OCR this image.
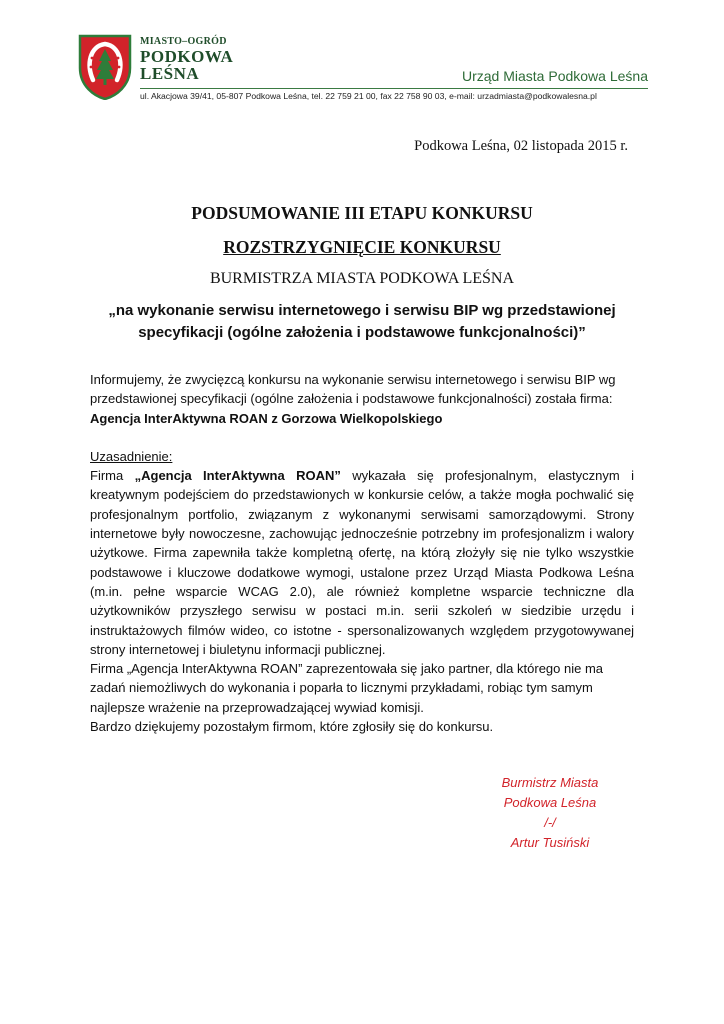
MIASTO–OGRÓD
PODKOWA
LEŚNA	Urząd Miasta Podkowa Leśna
ul. Akacjowa 39/41, 05-807 Podkowa Leśna, tel. 22 759 21 00, fax 22 758 90 03, e-mail: urzadmiasta@podkowalesna.pl
Podkowa Leśna, 02 listopada 2015 r.
PODSUMOWANIE III ETAPU KONKURSU
ROZSTRZYGNIĘCIE KONKURSU
BURMISTRZA MIASTA PODKOWA LEŚNA
„na wykonanie serwisu internetowego i serwisu BIP wg przedstawionej specyfikacji (ogólne założenia i podstawowe funkcjonalności)”

Informujemy, że zwycięzcą konkursu na wykonanie serwisu internetowego i serwisu BIP wg przedstawionej specyfikacji (ogólne założenia i podstawowe funkcjonalności) została firma:
Agencja InterAktywna ROAN z Gorzowa Wielkopolskiego

Uzasadnienie:

Firma „Agencja InterAktywna ROAN” wykazała się profesjonalnym, elastycznym i kreatywnym podejściem do przedstawionych w konkursie celów, a także mogła pochwalić się profesjonalnym portfolio, związanym z wykonanymi serwisami samorządowymi. Strony internetowe były nowoczesne, zachowując jednocześnie potrzebny im profesjonalizm i walory użytkowe. Firma zapewniła także kompletną ofertę, na którą złożyły się nie tylko wszystkie podstawowe i kluczowe dodatkowe wymogi, ustalone przez Urząd Miasta Podkowa Leśna (m.in. pełne wsparcie WCAG 2.0), ale również kompletne wsparcie techniczne dla użytkowników przyszłego serwisu w postaci m.in. serii szkoleń w siedzibie urzędu i instruktażowych filmów wideo, co istotne - spersonalizowanych względem przygotowywanej strony internetowej i biuletynu informacji publicznej.

Firma „Agencja InterAktywna ROAN” zaprezentowała się jako partner, dla którego nie ma zadań niemożliwych do wykonania i poparła to licznymi przykładami, robiąc tym samym najlepsze wrażenie na przeprowadzającej wywiad komisji.

Bardzo dziękujemy pozostałym firmom, które zgłosiły się do konkursu.

Burmistrz Miasta
Podkowa Leśna
/-/
Artur Tusiński
